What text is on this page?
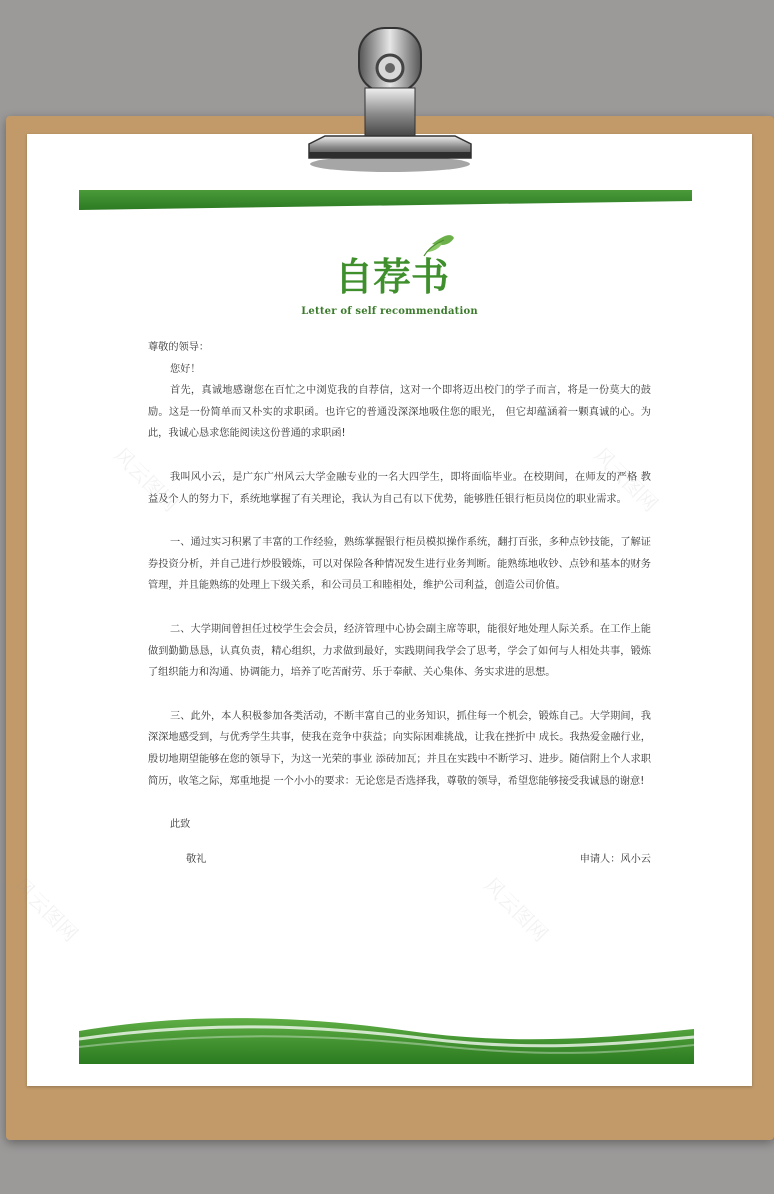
风云图网	风云图网
风云图网	风云图网
自荐书
Letter of self recommendation

尊敬的领导：

您好！

首先，真诚地感谢您在百忙之中浏览我的自荐信，这对一个即将迈出校门的学子而言，将是一份莫大的鼓励。这是一份简单而又朴实的求职函。也许它的普通没深深地吸住您的眼光， 但它却蕴涵着一颗真诚的心。为此，我诚心恳求您能阅读这份普通的求职函!

我叫风小云，是广东广州风云大学金融专业的一名大四学生，即将面临毕业。在校期间，在师友的严格 教益及个人的努力下，系统地掌握了有关理论，我认为自己有以下优势，能够胜任银行柜员岗位的职业需求。

一、通过实习积累了丰富的工作经验，熟练掌握银行柜员模拟操作系统，翻打百张，多种点钞技能，了解证券投资分析，并自己进行炒股锻炼，可以对保险各种情况发生进行业务判断。能熟练地收钞、点钞和基本的财务管理，并且能熟练的处理上下级关系，和公司员工和睦相处，维护公司利益，创造公司价值。

二、大学期间曾担任过校学生会会员，经济管理中心协会副主席等职，能很好地处理人际关系。在工作上能做到勤勤恳恳，认真负责，精心组织，力求做到最好，实践期间我学会了思考，学会了如何与人相处共事，锻炼了组织能力和沟通、协调能力，培养了吃苦耐劳、乐于奉献、关心集体、务实求进的思想。

三、此外，本人积极参加各类活动，不断丰富自己的业务知识，抓住每一个机会，锻炼自己。大学期间，我深深地感受到，与优秀学生共事，使我在竞争中获益；向实际困难挑战，让我在挫折中 成长。我热爱金融行业，殷切地期望能够在您的领导下，为这一光荣的事业 添砖加瓦；并且在实践中不断学习、进步。随信附上个人求职简历，收笔之际，郑重地提 一个小小的要求：无论您是否选择我，尊敬的领导，希望您能够接受我诚恳的谢意!

此致

敬礼	申请人：风小云
